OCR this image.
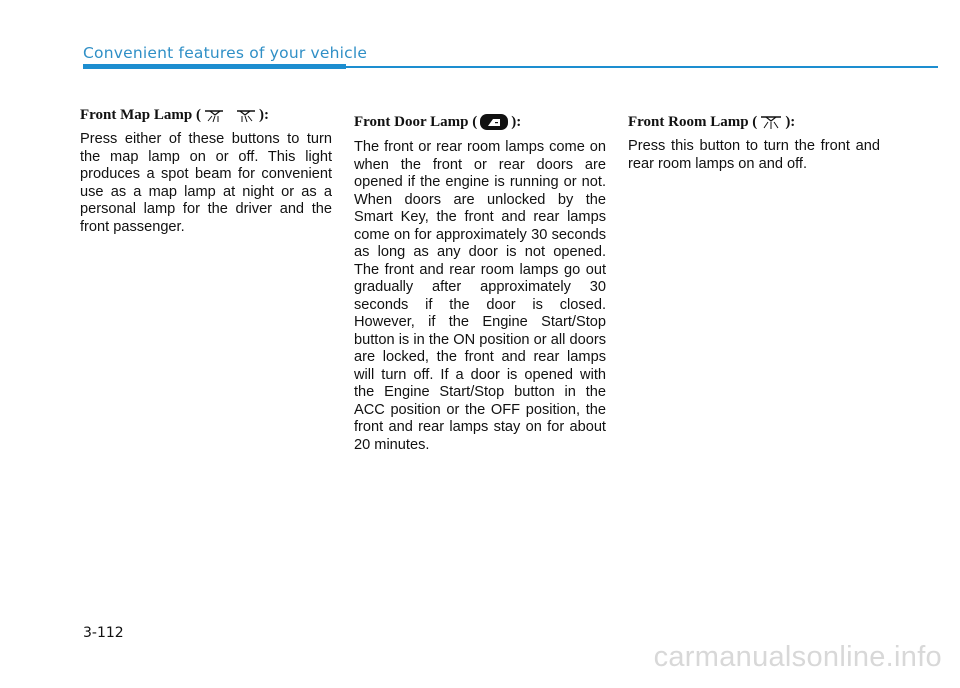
Convenient features of your vehicle
Front Map Lamp (	):

Press either of these buttons to turn the map lamp on or off. This light produces a spot beam for convenient use as a map lamp at night or as a personal lamp for the driver and the front passenger.

Front Door Lamp ( ):

The front or rear room lamps come on when the front or rear doors are opened if the engine is running or not. When doors are unlocked by the Smart Key, the front and rear lamps come on for approximately 30 seconds as long as any door is not opened. The front and rear room lamps go out gradually after approximately 30 seconds if the door is closed. However, if the Engine Start/Stop button is in the ON position or all doors are locked, the front and rear lamps will turn off. If a door is opened with the Engine Start/Stop button in the ACC position or the OFF position, the front and rear lamps stay on for about 20 minutes.

Front Room Lamp ( ):

Press this button to turn the front and rear room lamps on and off.

3-112
carmanualsonline.info
